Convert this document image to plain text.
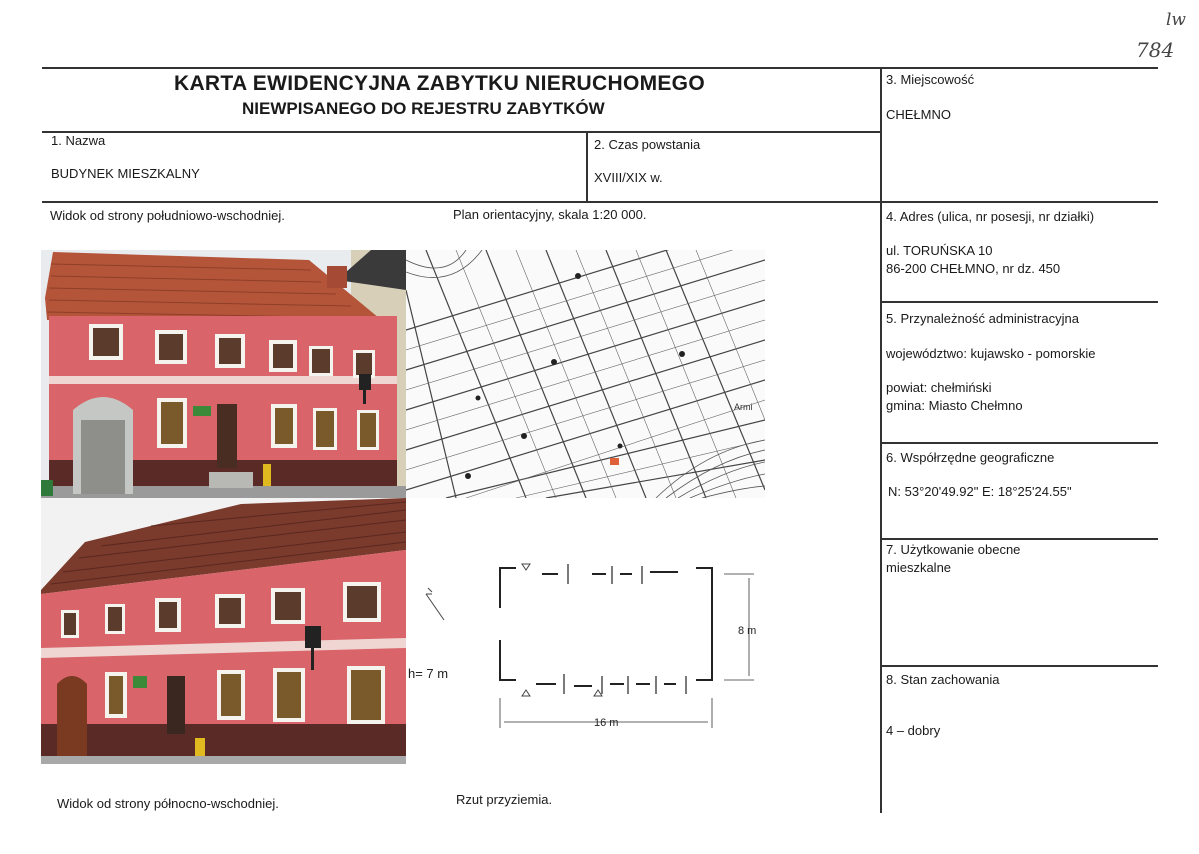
lw
784
KARTA EWIDENCYJNA ZABYTKU NIERUCHOMEGO
NIEWPISANEGO DO REJESTRU ZABYTKÓW
1. Nazwa
BUDYNEK MIESZKALNY
2. Czas powstania
XVIII/XIX w.
3. Miejscowość
CHEŁMNO
4. Adres (ulica, nr posesji, nr działki)
ul. TORUŃSKA 10
86-200 CHEŁMNO, nr dz. 450
5. Przynależność administracyjna
województwo: kujawsko - pomorskie
powiat: chełmiński
gmina: Miasto Chełmno
6. Współrzędne geograficzne
N: 53°20'49.92" E: 18°25'24.55"
7. Użytkowanie obecne
mieszkalne
8. Stan zachowania
4 – dobry
Widok od strony południowo-wschodniej.	Plan orientacyjny, skala 1:20 000.
Widok od strony północno-wschodniej.	Rzut przyziemia.
Armi
h= 7 m
8 m
16 m
